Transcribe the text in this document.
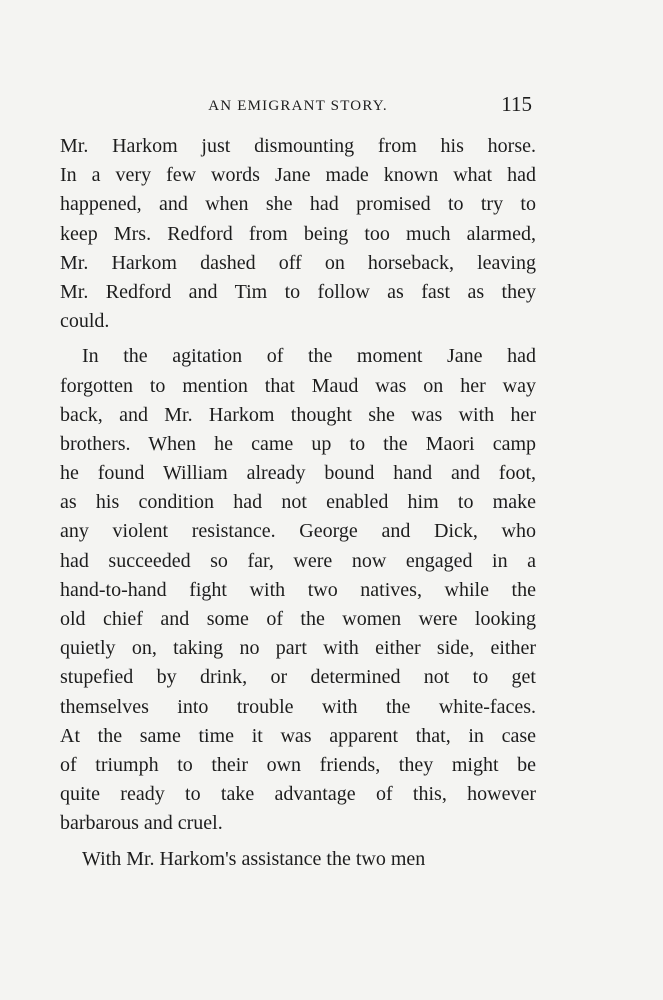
AN EMIGRANT STORY.	115
Mr. Harkom just dismounting from his horse.
In a very few words Jane made known what had
happened, and when she had promised to try to
keep Mrs. Redford from being too much alarmed,
Mr. Harkom dashed off on horseback, leaving
Mr. Redford and Tim to follow as fast as they
could.
In the agitation of the moment Jane had
forgotten to mention that Maud was on her way
back, and Mr. Harkom thought she was with her
brothers. When he came up to the Maori camp
he found William already bound hand and foot,
as his condition had not enabled him to make
any violent resistance. George and Dick, who
had succeeded so far, were now engaged in a
hand-to-hand fight with two natives, while the
old chief and some of the women were looking
quietly on, taking no part with either side, either
stupefied by drink, or determined not to get
themselves into trouble with the white-faces.
At the same time it was apparent that, in case
of triumph to their own friends, they might be
quite ready to take advantage of this, however
barbarous and cruel.
With Mr. Harkom's assistance the two men
